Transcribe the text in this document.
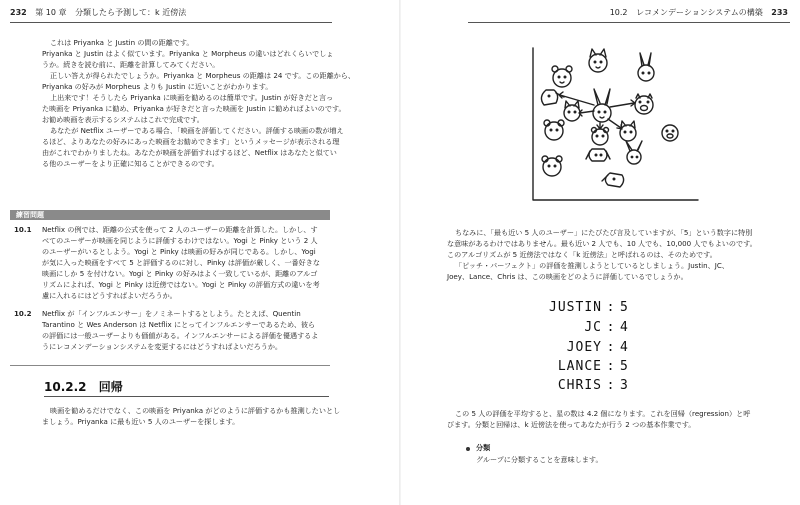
232 第 10 章 分類したら予測して：k 近傍法

これは Priyanka と Justin の間の距離です。

Priyanka と Justin はよく似ています。Priyanka と Morpheus の違いはどれくらいでしょ

うか。続きを読む前に、距離を計算してみてください。

正しい答えが得られたでしょうか。Priyanka と Morpheus の距離は 24 です。この距離から、

Priyanka の好みが Morpheus よりも Justin に近いことがわかります。

上出来です！そうしたら Priyanka に映画を勧めるのは簡単です。Justin が好きだと言っ

た映画を Priyanka に勧め、Priyanka が好きだと言った映画を Justin に勧めればよいのです。

お勧め映画を表示するシステムはこれで完成です。

あなたが Netflix ユーザーである場合、「映画を評価してください。評価する映画の数が増え

るほど、よりあなたの好みにあった映画をお勧めできます」というメッセージが表示される理

由がこれでわかりましたね。あなたが映画を評価すればするほど、Netflix はあなたと似てい

る他のユーザーをより正確に知ることができるのです。

練習問題
10.1 Netflix の例では、距離の公式を使って 2 人のユーザーの距離を計算した。しかし、す

べてのユーザーが映画を同じように評価するわけではない。Yogi と Pinky という 2 人

のユーザーがいるとしよう。Yogi と Pinky は映画の好みが同じである。しかし、Yogi

が気に入った映画をすべて 5 と評価するのに対し、Pinky は評価が厳しく、一番好きな

映画にしか 5 を付けない。Yogi と Pinky の好みはよく一致しているが、距離のアルゴ

リズムによれば、Yogi と Pinky は近傍ではない。Yogi と Pinky の評価方式の違いを考

慮に入れるにはどうすればよいだろうか。

10.2 Netflix が「インフルエンサー」をノミネートするとしよう。たとえば、Quentin

Tarantino と Wes Anderson は Netflix にとってインフルエンサーであるため、彼ら

の評価には一般ユーザーよりも価値がある。インフルエンサーによる評価を優遇するよ

うにレコメンデーションシステムを変更するにはどうすればよいだろうか。

10.2.2 回帰

映画を勧めるだけでなく、この映画を Priyanka がどのように評価するかも推測したいとし

ましょう。Priyanka に最も近い 5 人のユーザーを探します。

10.2 レコメンデーションシステムの構築 233

ちなみに、「最も近い 5 人のユーザー」にたびたび言及していますが、「5」という数字に特別

な意味があるわけではありません。最も近い 2 人でも、10 人でも、10,000 人でもよいのです。

このアルゴリズムが 5 近傍法ではなく「k 近傍法」と呼ばれるのは、そのためです。

「ピッチ・パーフェクト」の評価を推測しようとしているとしましょう。Justin、JC、

Joey、Lance、Chris は、この映画をどのように評価しているでしょうか。

JUSTIN : 5
JC : 4
JOEY : 4
LANCE : 5
CHRIS : 3

この 5 人の評価を平均すると、星の数は 4.2 個になります。これを回帰（regression）と呼

びます。分類と回帰は、k 近傍法を使ってあなたが行う 2 つの基本作業です。

分類

グループに分類することを意味します。
